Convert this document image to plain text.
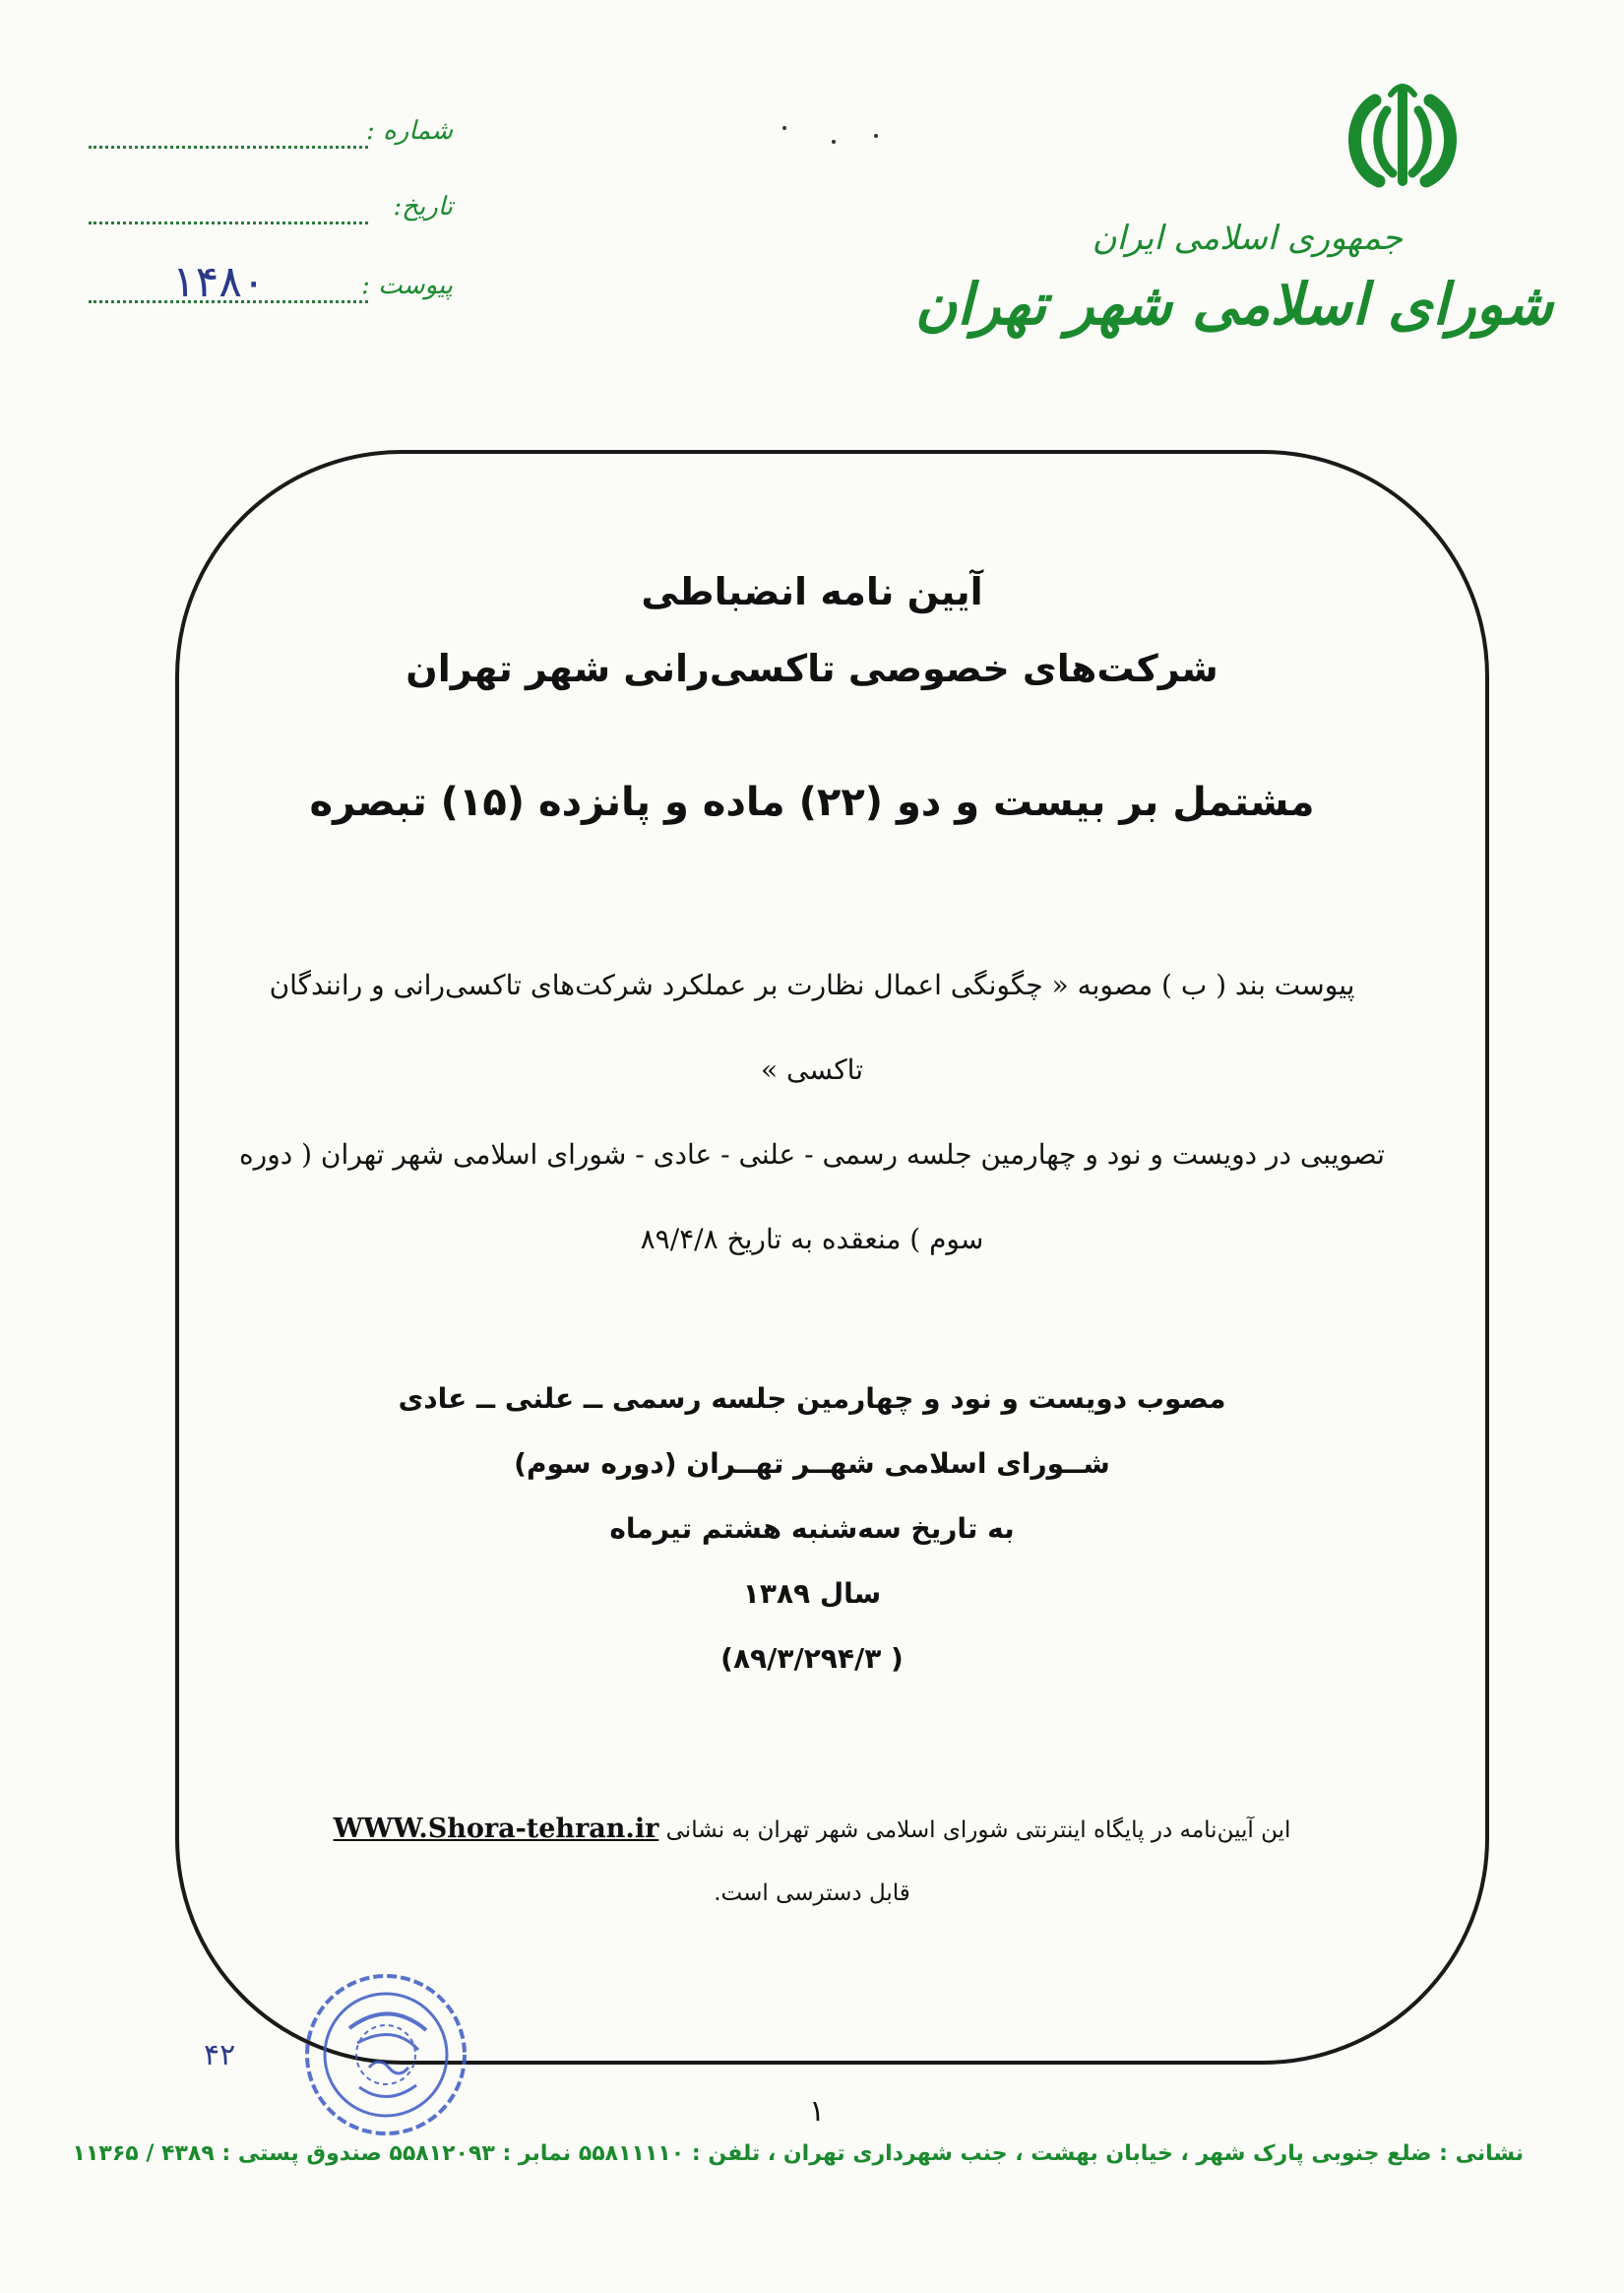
جمهوری اسلامی ایران
شورای اسلامی شهر تهران
شماره :
تاریخ:
پیوست :
۱۴۸۰
آیین نامه انضباطی
شرکت‌های خصوصی تاکسی‌رانی شهر تهران
مشتمل بر بیست و دو (۲۲) ماده و پانزده (۱۵) تبصره

پیوست بند ( ب ) مصوبه « چگونگی اعمال نظارت بر عملکرد شرکت‌های تاکسی‌رانی و رانندگان

تاکسی »

تصویبی در دویست و نود و چهارمین جلسه رسمی - علنی - عادی - شورای اسلامی شهر تهران ( دوره

سوم ) منعقده به تاریخ ۸۹/۴/۸

مصوب دویست و نود و چهارمین جلسه رسمی ــ علنی ــ عادی

شــورای اسلامی شهــر تهــران (دوره سوم)

به تاریخ سه‌شنبه هشتم تیرماه

سال ۱۳۸۹

( ۸۹/۳/۲۹۴/۳)

این آیین‌نامه در پایگاه اینترنتی شورای اسلامی شهر تهران به نشانی WWW.Shora-tehran.ir

قابل دسترسی است.

۴۲
۱
نشانی : ضلع جنوبی پارک شهر ، خیابان بهشت ، جنب شهرداری تهران ، تلفن : ۵۵۸۱۱۱۱۰ نمابر : ۵۵۸۱۲۰۹۳ صندوق پستی : ۴۳۸۹ / ۱۱۳۶۵
